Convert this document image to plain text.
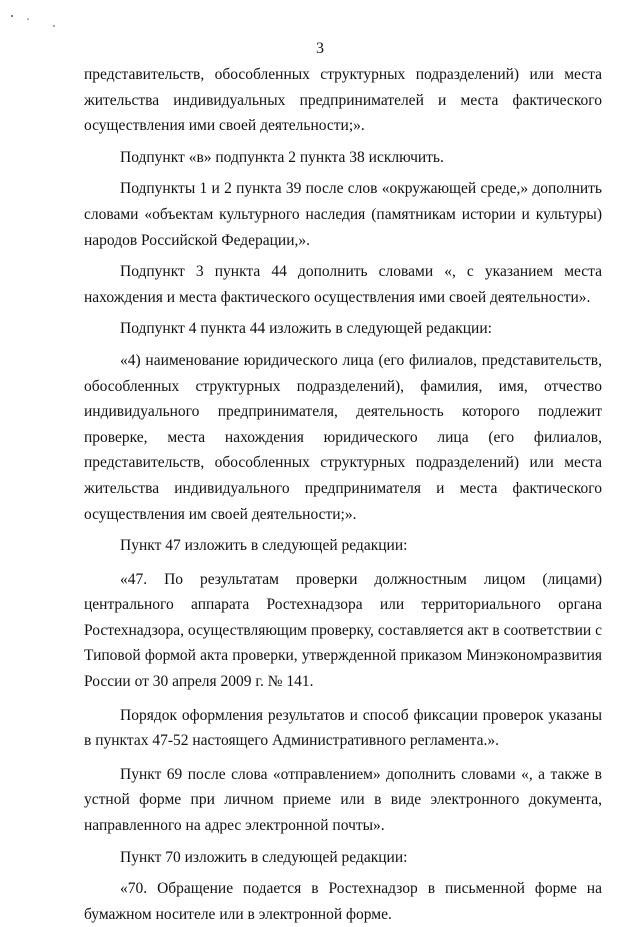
3

представительств, обособленных структурных подразделений) или места жительства индивидуальных предпринимателей и места фактического осуществления ими своей деятельности;».

Подпункт «в» подпункта 2 пункта 38 исключить.

Подпункты 1 и 2 пункта 39 после слов «окружающей среде,» дополнить словами «объектам культурного наследия (памятникам истории и культуры) народов Российской Федерации,».

Подпункт 3 пункта 44 дополнить словами «, с указанием места нахождения и места фактического осуществления ими своей деятельности».

Подпункт 4 пункта 44 изложить в следующей редакции:

«4) наименование юридического лица (его филиалов, представительств, обособленных структурных подразделений), фамилия, имя, отчество индивидуального предпринимателя, деятельность которого подлежит проверке, места нахождения юридического лица (его филиалов, представительств, обособленных структурных подразделений) или места жительства индивидуального предпринимателя и места фактического осуществления им своей деятельности;».

Пункт 47 изложить в следующей редакции:

«47. По результатам проверки должностным лицом (лицами) центрального аппарата Ростехнадзора или территориального органа Ростехнадзора, осуществляющим проверку, составляется акт в соответствии с Типовой формой акта проверки, утвержденной приказом Минэкономразвития России от 30 апреля 2009 г. № 141.

Порядок оформления результатов и способ фиксации проверок указаны в пунктах 47-52 настоящего Административного регламента.».

Пункт 69 после слова «отправлением» дополнить словами «, а также в устной форме при личном приеме или в виде электронного документа, направленного на адрес электронной почты».

Пункт 70 изложить в следующей редакции:

«70. Обращение подается в Ростехнадзор в письменной форме на бумажном носителе или в электронной форме.
